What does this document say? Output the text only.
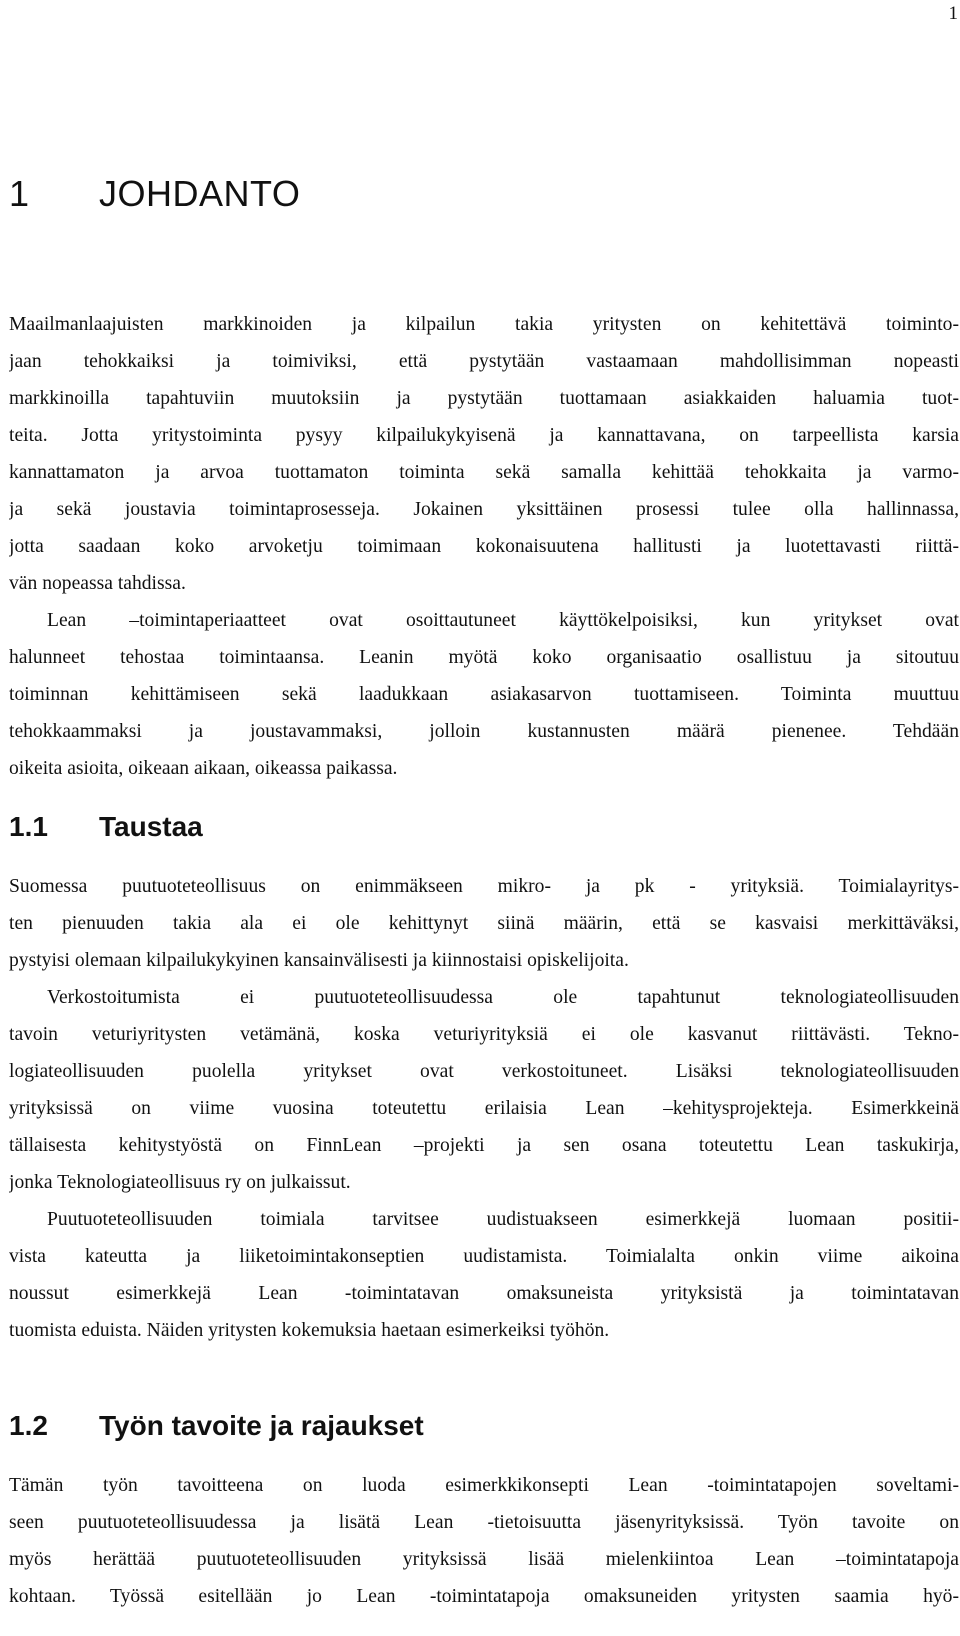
1
1 JOHDANTO
Maailmanlaajuisten markkinoiden ja kilpailun takia yritysten on kehitettävä toiminto-
jaan tehokkaiksi ja toimiviksi, että pystytään vastaamaan mahdollisimman nopeasti
markkinoilla tapahtuviin muutoksiin ja pystytään tuottamaan asiakkaiden haluamia tuot-
teita. Jotta yritystoiminta pysyy kilpailukykyisenä ja kannattavana, on tarpeellista karsia
kannattamaton ja arvoa tuottamaton toiminta sekä samalla kehittää tehokkaita ja varmo-
ja sekä joustavia toimintaprosesseja. Jokainen yksittäinen prosessi tulee olla hallinnassa,
jotta saadaan koko arvoketju toimimaan kokonaisuutena hallitusti ja luotettavasti riittä-
vän nopeassa tahdissa.
Lean –toimintaperiaatteet ovat osoittautuneet käyttökelpoisiksi, kun yritykset ovat
halunneet tehostaa toimintaansa. Leanin myötä koko organisaatio osallistuu ja sitoutuu
toiminnan kehittämiseen sekä laadukkaan asiakasarvon tuottamiseen. Toiminta muuttuu
tehokkaammaksi ja joustavammaksi, jolloin kustannusten määrä pienenee. Tehdään
oikeita asioita, oikeaan aikaan, oikeassa paikassa.
1.1 Taustaa
Suomessa puutuoteteollisuus on enimmäkseen mikro- ja pk - yrityksiä. Toimialayritys-
ten pienuuden takia ala ei ole kehittynyt siinä määrin, että se kasvaisi merkittäväksi,
pystyisi olemaan kilpailukykyinen kansainvälisesti ja kiinnostaisi opiskelijoita.
Verkostoitumista ei puutuoteteollisuudessa ole tapahtunut teknologiateollisuuden
tavoin veturiyritysten vetämänä, koska veturiyrityksiä ei ole kasvanut riittävästi. Tekno-
logiateollisuuden puolella yritykset ovat verkostoituneet. Lisäksi teknologiateollisuuden
yrityksissä on viime vuosina toteutettu erilaisia Lean –kehitysprojekteja. Esimerkkeinä
tällaisesta kehitystyöstä on FinnLean –projekti ja sen osana toteutettu Lean taskukirja,
jonka Teknologiateollisuus ry on julkaissut.
Puutuoteteollisuuden toimiala tarvitsee uudistuakseen esimerkkejä luomaan positii-
vista kateutta ja liiketoimintakonseptien uudistamista. Toimialalta onkin viime aikoina
noussut esimerkkejä Lean -toimintatavan omaksuneista yrityksistä ja toimintatavan
tuomista eduista. Näiden yritysten kokemuksia haetaan esimerkeiksi työhön.
1.2 Työn tavoite ja rajaukset
Tämän työn tavoitteena on luoda esimerkkikonsepti Lean -toimintatapojen soveltami-
seen puutuoteteollisuudessa ja lisätä Lean -tietoisuutta jäsenyrityksissä. Työn tavoite on
myös herättää puutuoteteollisuuden yrityksissä lisää mielenkiintoa Lean –toimintatapoja
kohtaan. Työssä esitellään jo Lean -toimintatapoja omaksuneiden yritysten saamia hyö-
